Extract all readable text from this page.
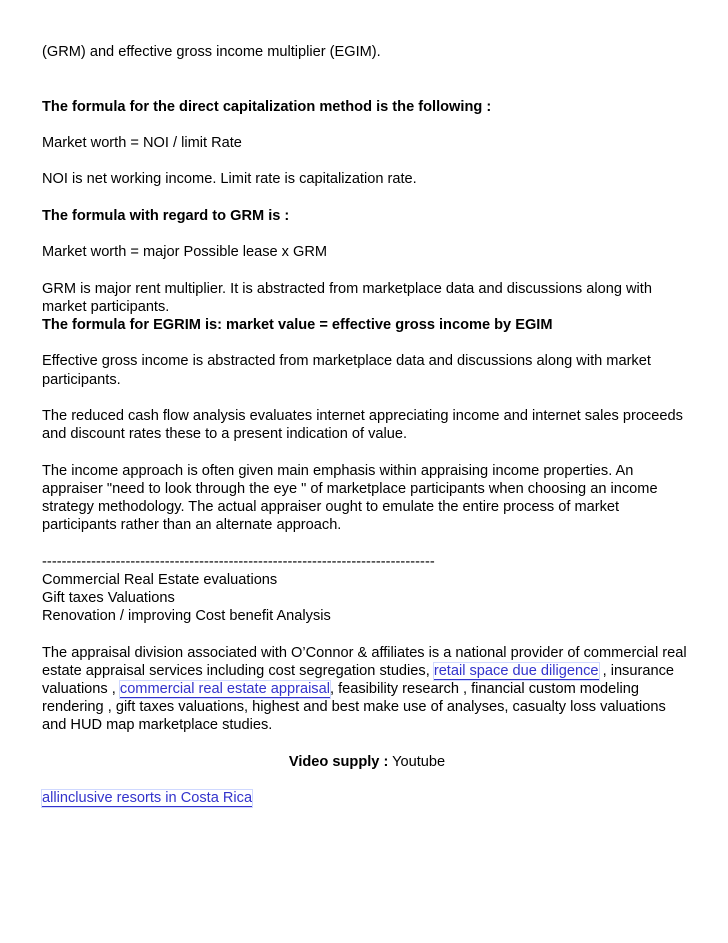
(GRM) and effective gross income multiplier (EGIM).

The formula for the direct capitalization method is the following :

Market worth = NOI / limit Rate

NOI is net working income. Limit rate is capitalization rate.

The formula with regard to GRM is :

Market worth = major Possible lease x GRM

GRM is major rent multiplier. It is abstracted from marketplace data and discussions along with market participants.

The formula for EGRIM is: market value = effective gross income by EGIM

Effective gross income is abstracted from marketplace data and discussions along with market participants.

The reduced cash flow analysis evaluates internet appreciating income and internet sales proceeds and discount rates these to a present indication of value.

The income approach is often given main emphasis within appraising income properties. An appraiser "need to look through the eye " of marketplace participants when choosing an income strategy methodology. The actual appraiser ought to emulate the entire process of market participants rather than an alternate approach.

--------------------------------------------------------------------------------

Commercial Real Estate evaluations

Gift taxes Valuations

Renovation / improving Cost benefit Analysis

The appraisal division associated with O’Connor & affiliates is a national provider of commercial real estate appraisal services including cost segregation studies, retail space due diligence , insurance valuations , commercial real estate appraisal, feasibility research , financial custom modeling rendering , gift taxes valuations, highest and best make use of analyses, casualty loss valuations and HUD map marketplace studies.

Video supply : Youtube

allinclusive resorts in Costa Rica
